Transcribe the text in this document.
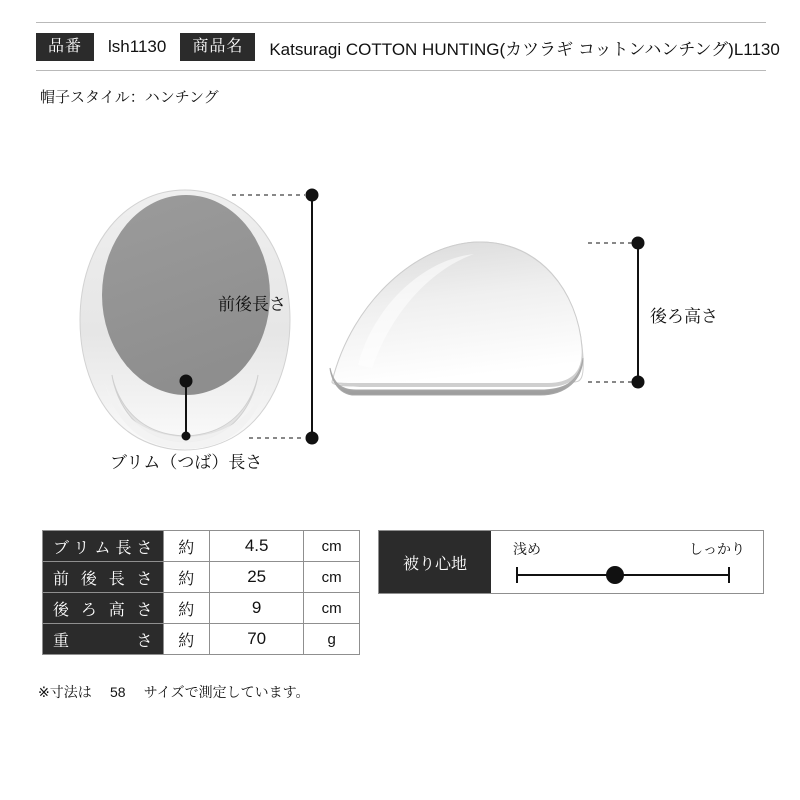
品番	lsh1130	商品名	Katsuragi COTTON HUNTING(カツラギ コットンハンチング)L1130
帽子スタイル：ハンチング
前後長さ
ブリム（つば）長さ
後ろ高さ
ブリム長さ	約	4.5	cm
前後長さ	約	25	cm
後ろ高さ	約	9	cm
重さ	約	70	g
※寸法は 58 サイズで測定しています。
被り心地
浅め	しっかり
